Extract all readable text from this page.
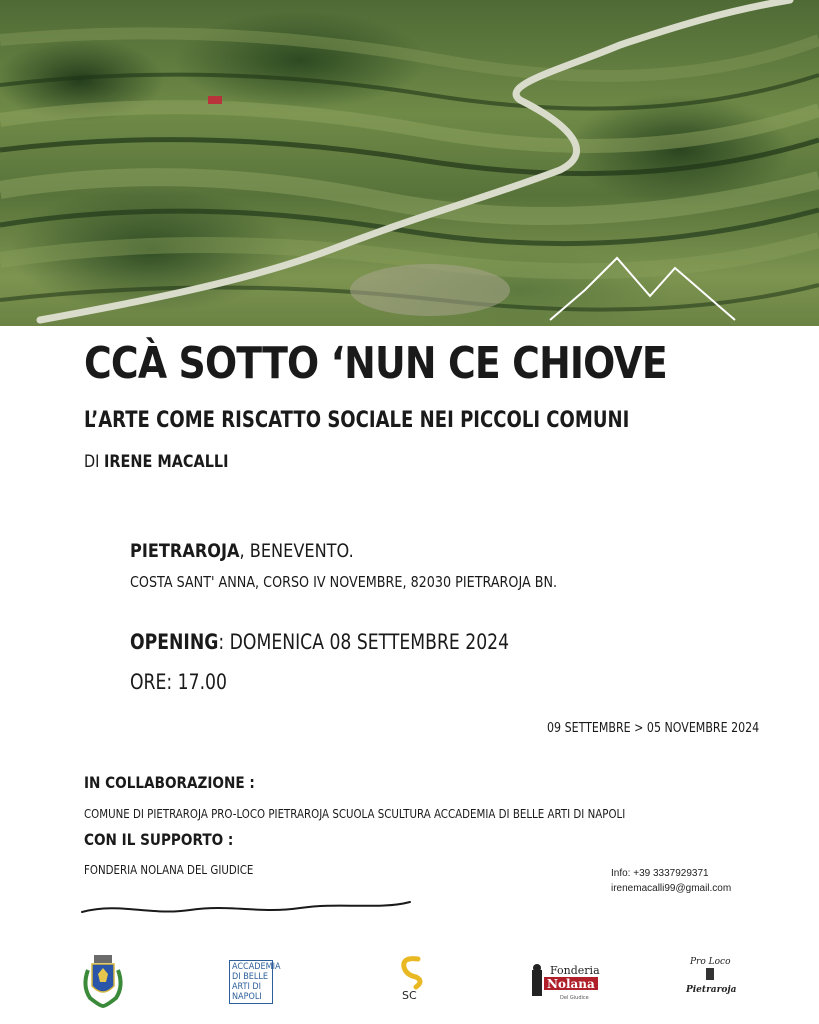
CCÀ SOTTO ‘NUN CE CHIOVE
L’ARTE COME RISCATTO SOCIALE NEI PICCOLI COMUNI
DI IRENE MACALLI
PIETRAROJA, BENEVENTO.
COSTA SANT' ANNA, CORSO IV NOVEMBRE, 82030 PIETRAROJA BN.
OPENING: DOMENICA 08 SETTEMBRE 2024
ORE: 17.00
09 SETTEMBRE > 05 NOVEMBRE 2024
IN COLLABORAZIONE :
COMUNE DI PIETRAROJA PRO-LOCO PIETRAROJA SCUOLA SCULTURA ACCADEMIA DI BELLE ARTI DI NAPOLI
CON IL SUPPORTO :
FONDERIA NOLANA DEL GIUDICE	Info: +39 3337929371
irenemacalli99@gmail.com
ACCADEMIA DI BELLE ARTI DI NAPOLI	SC
Fonderia
Nolana
Del Giudice
Pro Loco
Pietraroja
